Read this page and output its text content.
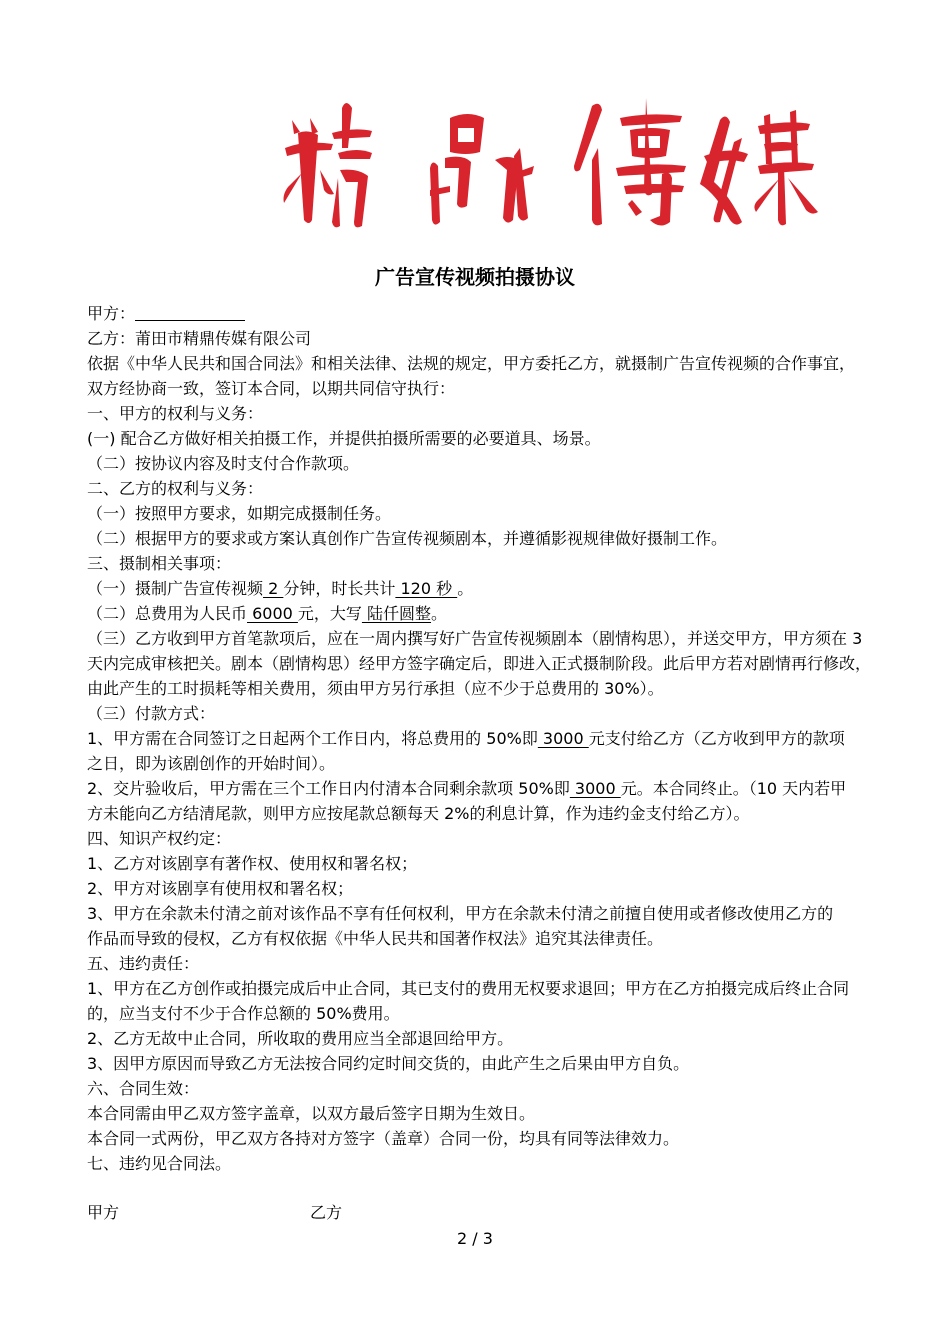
广告宣传视频拍摄协议
甲方：
乙方：莆田市精鼎传媒有限公司
依据《中华人民共和国合同法》和相关法律、法规的规定，甲方委托乙方，就摄制广告宣传视频的合作事宜，
双方经协商一致，签订本合同，以期共同信守执行：
一、甲方的权利与义务：
(一) 配合乙方做好相关拍摄工作，并提供拍摄所需要的必要道具、场景。
（二）按协议内容及时支付合作款项。
二、乙方的权利与义务：
（一）按照甲方要求，如期完成摄制任务。
（二）根据甲方的要求或方案认真创作广告宣传视频剧本，并遵循影视规律做好摄制工作。
三、摄制相关事项：
（一）摄制广告宣传视频 2 分钟，时长共计 120 秒 。
（二）总费用为人民币 6000 元，大写 陆仟圆整。
（三）乙方收到甲方首笔款项后，应在一周内撰写好广告宣传视频剧本（剧情构思），并送交甲方，甲方须在 3
天内完成审核把关。剧本（剧情构思）经甲方签字确定后，即进入正式摄制阶段。此后甲方若对剧情再行修改，
由此产生的工时损耗等相关费用，须由甲方另行承担（应不少于总费用的 30%）。
（三）付款方式：
1、甲方需在合同签订之日起两个工作日内，将总费用的 50%即 3000 元支付给乙方（乙方收到甲方的款项
之日，即为该剧创作的开始时间）。
2、交片验收后，甲方需在三个工作日内付清本合同剩余款项 50%即 3000 元。本合同终止。（10 天内若甲
方未能向乙方结清尾款，则甲方应按尾款总额每天 2%的利息计算，作为违约金支付给乙方）。
四、知识产权约定：
1、乙方对该剧享有著作权、使用权和署名权；
2、甲方对该剧享有使用权和署名权；
3、甲方在余款未付清之前对该作品不享有任何权利，甲方在余款未付清之前擅自使用或者修改使用乙方的
作品而导致的侵权，乙方有权依据《中华人民共和国著作权法》追究其法律责任。
五、违约责任：
1、甲方在乙方创作或拍摄完成后中止合同，其已支付的费用无权要求退回；甲方在乙方拍摄完成后终止合同
的，应当支付不少于合作总额的 50%费用。
2、乙方无故中止合同，所收取的费用应当全部退回给甲方。
3、因甲方原因而导致乙方无法按合同约定时间交货的，由此产生之后果由甲方自负。
六、合同生效：
本合同需由甲乙双方签字盖章，以双方最后签字日期为生效日。
本合同一式两份，甲乙双方各持对方签字（盖章）合同一份，均具有同等法律效力。
七、违约见合同法。
甲方	乙方
2 / 3
